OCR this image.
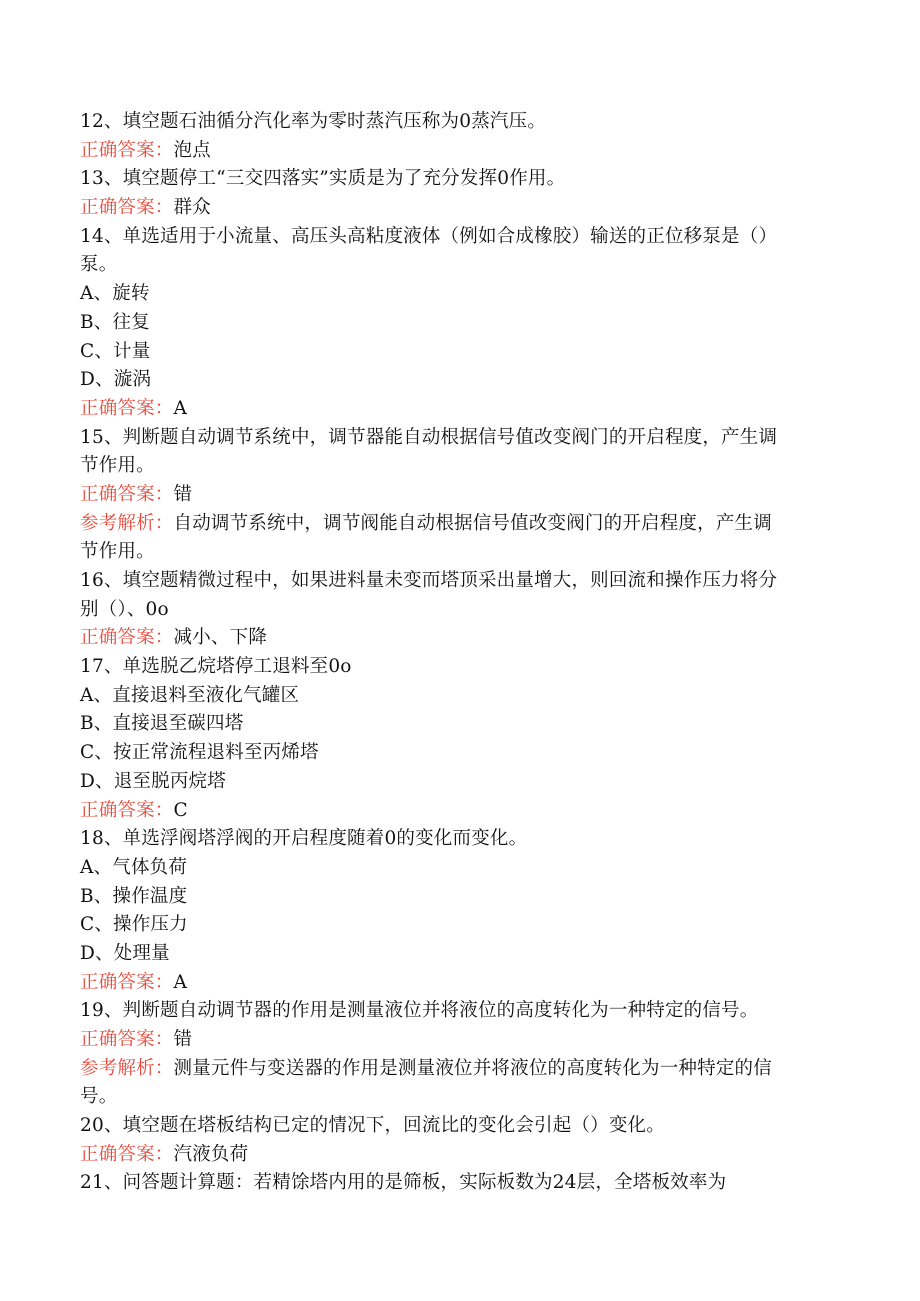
12、填空题石油循分汽化率为零时蒸汽压称为0蒸汽压。
正确答案：泡点
13、填空题停工“三交四落实”实质是为了充分发挥0作用。
正确答案：群众
14、单选适用于小流量、高压头高粘度液体（例如合成橡胶）输送的正位移泵是（）
泵。
A、旋转
B、往复
C、计量
D、漩涡
正确答案：A
15、判断题自动调节系统中，调节器能自动根据信号值改变阀门的开启程度，产生调
节作用。
正确答案：错
参考解析：自动调节系统中，调节阀能自动根据信号值改变阀门的开启程度，产生调
节作用。
16、填空题精微过程中，如果进料量未变而塔顶采出量增大，则回流和操作压力将分
别（）、0o
正确答案：减小、下降
17、单选脱乙烷塔停工退料至0o
A、直接退料至液化气罐区
B、直接退至碳四塔
C、按正常流程退料至丙烯塔
D、退至脱丙烷塔
正确答案：C
18、单选浮阀塔浮阀的开启程度随着0的变化而变化。
A、气体负荷
B、操作温度
C、操作压力
D、处理量
正确答案：A
19、判断题自动调节器的作用是测量液位并将液位的高度转化为一种特定的信号。
正确答案：错
参考解析：测量元件与变送器的作用是测量液位并将液位的高度转化为一种特定的信
号。
20、填空题在塔板结构已定的情况下，回流比的变化会引起（）变化。
正确答案：汽液负荷
21、问答题计算题：若精馀塔内用的是筛板，实际板数为24层，全塔板效率为
